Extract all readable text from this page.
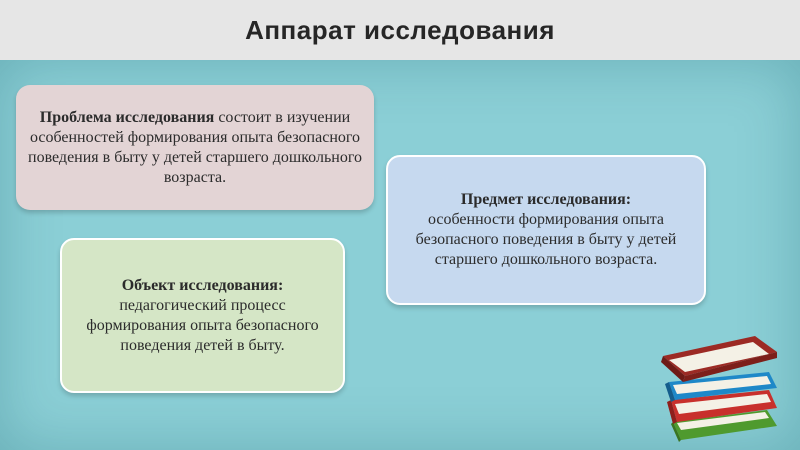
Аппарат исследования
Проблема исследования состоит в изучении особенностей формирования опыта безопасного поведения в быту у детей старшего дошкольного возраста.
Предмет исследования:
особенности формирования опыта безопасного поведения в быту у детей старшего дошкольного возраста.
Объект исследования:
педагогический процесс формирования опыта безопасного поведения детей в быту.
